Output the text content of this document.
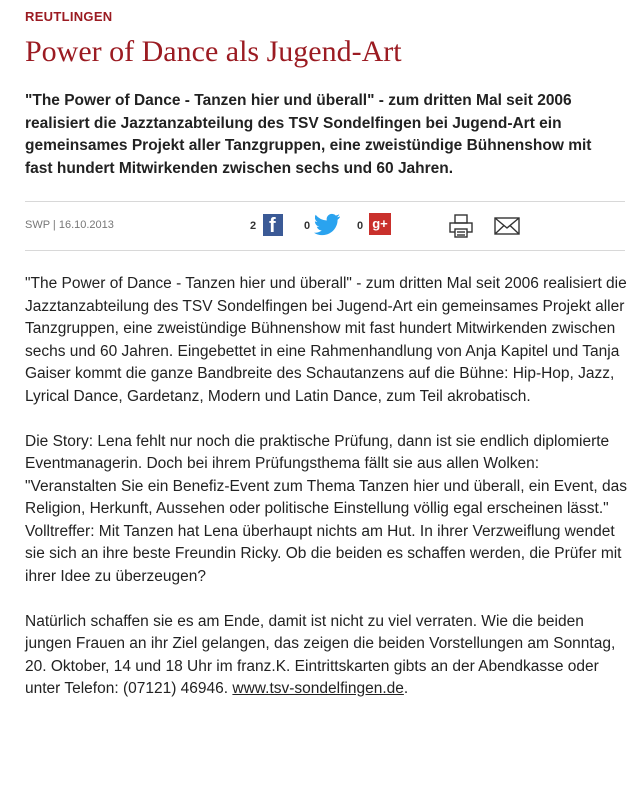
REUTLINGEN
Power of Dance als Jugend-Art

"The Power of Dance - Tanzen hier und überall" - zum dritten Mal seit 2006 realisiert die Jazztanzabteilung des TSV Sondelfingen bei Jugend-Art ein gemeinsames Projekt aller Tanzgruppen, eine zweistündige Bühnenshow mit fast hundert Mitwirkenden zwischen sechs und 60 Jahren.

SWP | 16.10.2013	2 f	0	0 g+

"The Power of Dance - Tanzen hier und überall" - zum dritten Mal seit 2006 realisiert die Jazztanzabteilung des TSV Sondelfingen bei Jugend-Art ein gemeinsames Projekt aller Tanzgruppen, eine zweistündige Bühnenshow mit fast hundert Mitwirkenden zwischen sechs und 60 Jahren. Eingebettet in eine Rahmenhandlung von Anja Kapitel und Tanja Gaiser kommt die ganze Bandbreite des Schautanzens auf die Bühne: Hip-Hop, Jazz, Lyrical Dance, Gardetanz, Modern und Latin Dance, zum Teil akrobatisch.

Die Story: Lena fehlt nur noch die praktische Prüfung, dann ist sie endlich diplomierte Eventmanagerin. Doch bei ihrem Prüfungsthema fällt sie aus allen Wolken: "Veranstalten Sie ein Benefiz-Event zum Thema Tanzen hier und überall, ein Event, das Religion, Herkunft, Aussehen oder politische Einstellung völlig egal erscheinen lässt." Volltreffer: Mit Tanzen hat Lena überhaupt nichts am Hut. In ihrer Verzweiflung wendet sie sich an ihre beste Freundin Ricky. Ob die beiden es schaffen werden, die Prüfer mit ihrer Idee zu überzeugen?

Natürlich schaffen sie es am Ende, damit ist nicht zu viel verraten. Wie die beiden jungen Frauen an ihr Ziel gelangen, das zeigen die beiden Vorstellungen am Sonntag, 20. Oktober, 14 und 18 Uhr im franz.K. Eintrittskarten gibts an der Abendkasse oder unter Telefon: (07121) 46946. www.tsv-sondelfingen.de.
